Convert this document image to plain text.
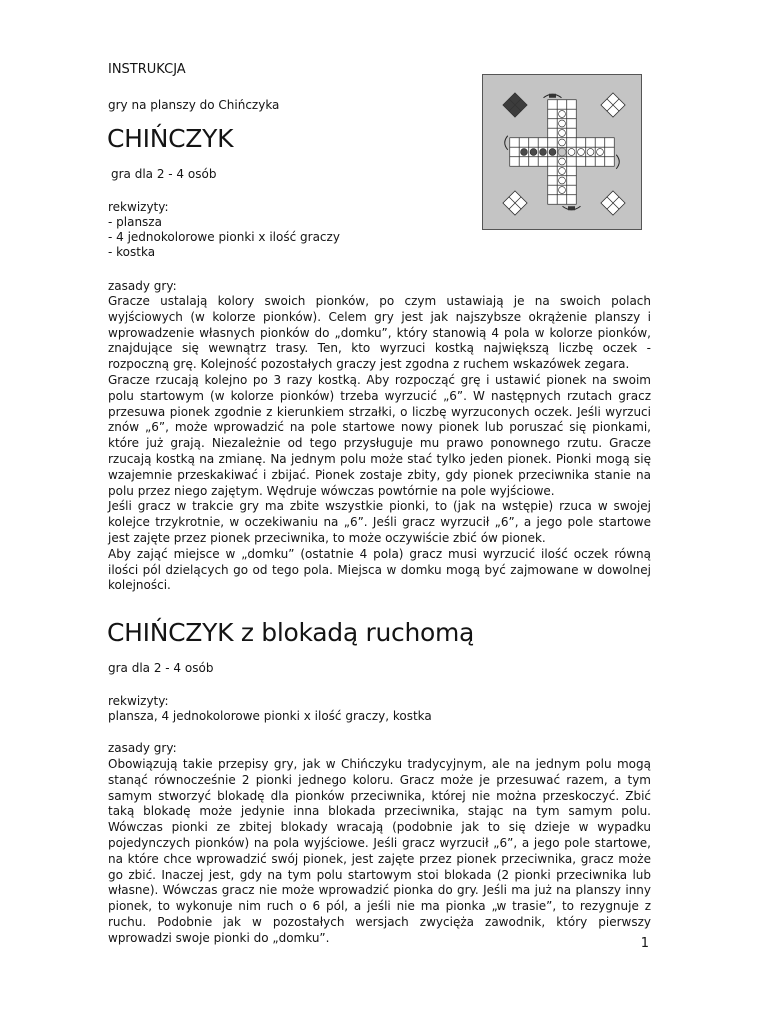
INSTRUKCJA
gry na planszy do Chińczyka
CHIŃCZYK
gra dla 2 - 4 osób
rekwizyty:
- plansza
- 4 jednokolorowe pionki x ilość graczy
- kostka
zasady gry:
Gracze ustalają kolory swoich pionków, po czym ustawiają je na swoich polach wyjściowych (w kolorze pionków). Celem gry jest jak najszybsze okrążenie planszy i wprowadzenie własnych pionków do „domku”, który stanowią 4 pola w kolorze pionków, znajdujące się wewnątrz trasy. Ten, kto wyrzuci kostką największą liczbę oczek - rozpoczną grę. Kolejność pozostałych graczy jest zgodna z ruchem wskazówek zegara.
Gracze rzucają kolejno po 3 razy kostką. Aby rozpocząć grę i ustawić pionek na swoim polu startowym (w kolorze pionków) trzeba wyrzucić „6”. W następnych rzutach gracz przesuwa pionek zgodnie z kierunkiem strzałki, o liczbę wyrzuconych oczek. Jeśli wyrzuci znów „6”, może wprowadzić na pole startowe nowy pionek lub poruszać się pionkami, które już grają. Niezależnie od tego przysługuje mu prawo ponownego rzutu. Gracze rzucają kostką na zmianę. Na jednym polu może stać tylko jeden pionek. Pionki mogą się wzajemnie przeskakiwać i zbijać. Pionek zostaje zbity, gdy pionek przeciwnika stanie na polu przez niego zajętym. Wędruje wówczas powtórnie na pole wyjściowe.
Jeśli gracz w trakcie gry ma zbite wszystkie pionki, to (jak na wstępie) rzuca w swojej kolejce trzykrotnie, w oczekiwaniu na „6”. Jeśli gracz wyrzucił „6”, a jego pole startowe jest zajęte przez pionek przeciwnika, to może oczywiście zbić ów pionek.
Aby zająć miejsce w „domku” (ostatnie 4 pola) gracz musi wyrzucić ilość oczek równą ilości pól dzielących go od tego pola. Miejsca w domku mogą być zajmowane w dowolnej kolejności.
CHIŃCZYK z blokadą ruchomą
gra dla 2 - 4 osób
rekwizyty:
plansza, 4 jednokolorowe pionki x ilość graczy, kostka
zasady gry:
Obowiązują takie przepisy gry, jak w Chińczyku tradycyjnym, ale na jednym polu mogą stanąć równocześnie 2 pionki jednego koloru. Gracz może je przesuwać razem, a tym samym stworzyć blokadę dla pionków przeciwnika, której nie można przeskoczyć. Zbić taką blokadę może jedynie inna blokada przeciwnika, stając na tym samym polu. Wówczas pionki ze zbitej blokady wracają (podobnie jak to się dzieje w wypadku pojedynczych pionków) na pola wyjściowe. Jeśli gracz wyrzucił „6”, a jego pole startowe, na które chce wprowadzić swój pionek, jest zajęte przez pionek przeciwnika, gracz może go zbić. Inaczej jest, gdy na tym polu startowym stoi blokada (2 pionki przeciwnika lub własne). Wówczas gracz nie może wprowadzić pionka do gry. Jeśli ma już na planszy inny pionek, to wykonuje nim ruch o 6 pól, a jeśli nie ma pionka „w trasie”, to rezygnuje z ruchu. Podobnie jak w pozostałych wersjach zwycięża zawodnik, który pierwszy wprowadzi swoje pionki do „domku”.	1
